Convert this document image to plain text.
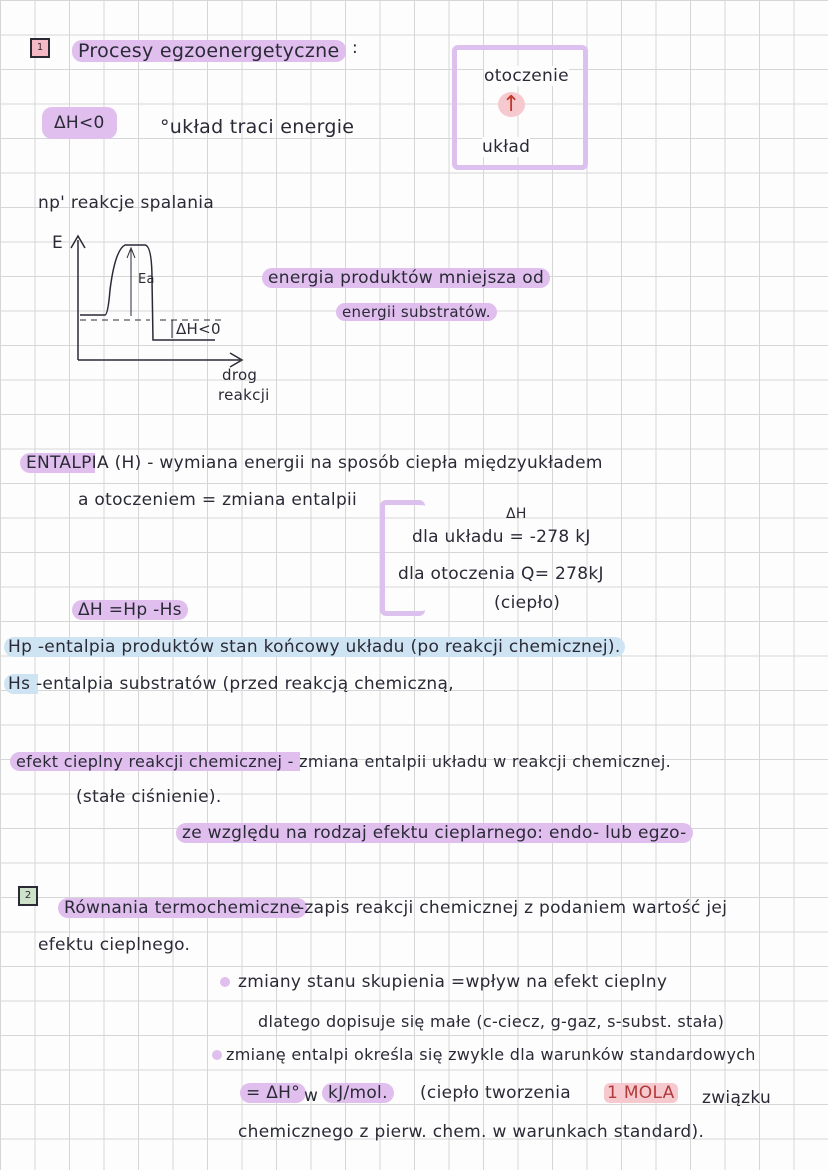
1	Procesy egzoenergetyczne :
ΔH<0	°układ traci energie
otoczenie
↑
układ
np' reakcje spalania
E
Ea
ΔH<0
drog
reakcji
energia produktów mniejsza od
energii substratów.
ENTALPIA (H) - wymiana energii na sposób ciepła międzyukładem
a otoczeniem = zmiana entalpii
ΔH
dla układu = -278 kJ
dla otoczenia Q= 278kJ
(ciepło)
ΔH =Hp -Hs
Hp -entalpia produktów stan końcowy układu (po reakcji chemicznej).
Hs -entalpia substratów (przed reakcją chemiczną,
efekt cieplny reakcji chemicznej - zmiana entalpii układu w reakcji chemicznej.
(stałe ciśnienie).
ze względu na rodzaj efektu cieplarnego: endo- lub egzo-
2
Równania termochemiczne
-zapis reakcji chemicznej z podaniem wartość jej
efektu cieplnego.
zmiany stanu skupienia =wpływ na efekt cieplny
dlatego dopisuje się małe (c-ciecz, g-gaz, s-subst. stała)
zmianę entalpi określa się zwykle dla warunków standardowych
= ΔH° w kJ/mol.	(ciepło tworzenia 1 MOLA związku
chemicznego z pierw. chem. w warunkach standard).
